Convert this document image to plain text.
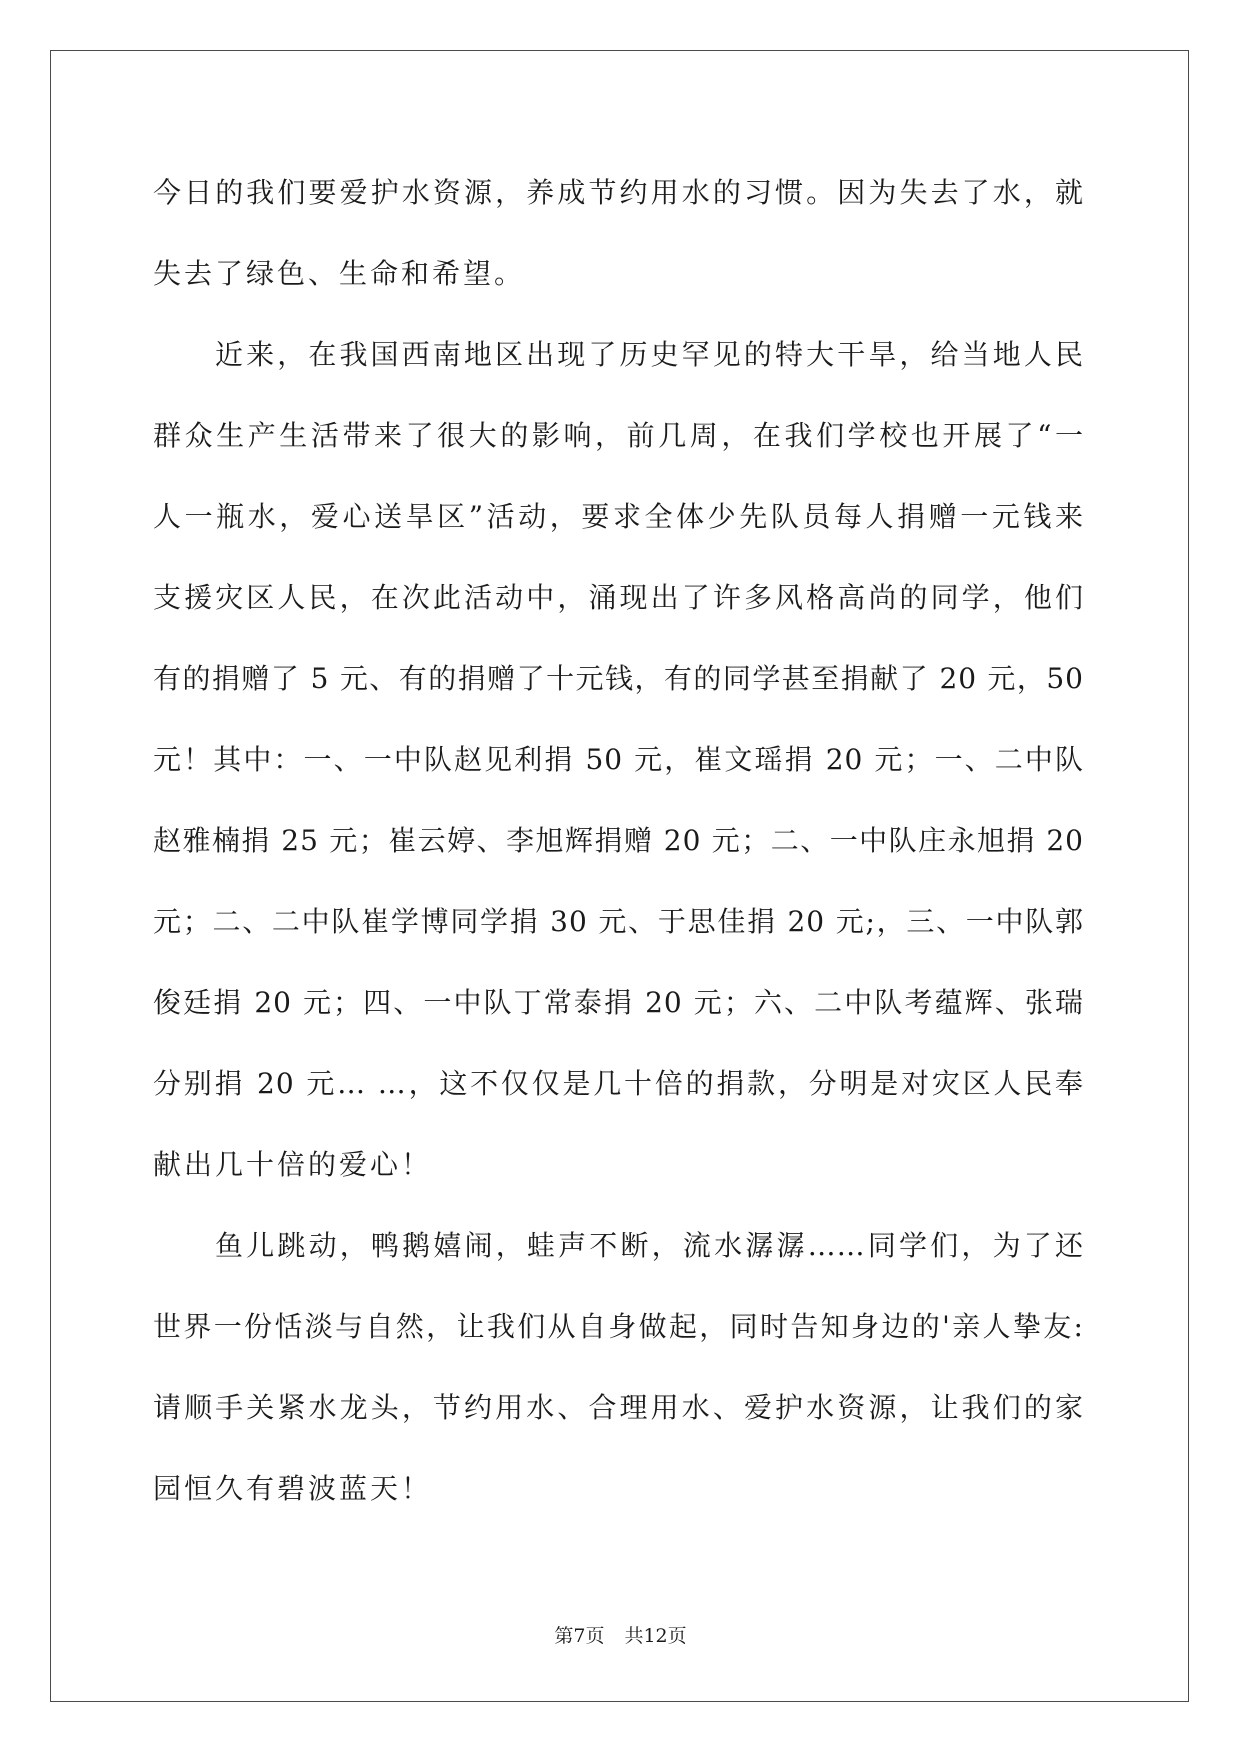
今日的我们要爱护水资源，养成节约用水的习惯。因为失去了水，就
失去了绿色、生命和希望。
近来，在我国西南地区出现了历史罕见的特大干旱，给当地人民
群众生产生活带来了很大的影响，前几周，在我们学校也开展了“一
人一瓶水，爱心送旱区”活动，要求全体少先队员每人捐赠一元钱来
支援灾区人民，在次此活动中，涌现出了许多风格高尚的同学，他们
有的捐赠了 5 元、有的捐赠了十元钱，有的同学甚至捐献了 20 元，50
元！其中：一、一中队赵见利捐 50 元，崔文瑶捐 20 元；一、二中队
赵雅楠捐 25 元；崔云婷、李旭辉捐赠 20 元；二、一中队庄永旭捐 20
元；二、二中队崔学博同学捐 30 元、于思佳捐 20 元;，三、一中队郭
俊廷捐 20 元；四、一中队丁常泰捐 20 元；六、二中队考蕴辉、张瑞
分别捐 20 元… …，这不仅仅是几十倍的捐款，分明是对灾区人民奉
献出几十倍的爱心！
鱼儿跳动，鸭鹅嬉闹，蛙声不断，流水潺潺……同学们，为了还
世界一份恬淡与自然，让我们从自身做起，同时告知身边的'亲人挚友:
请顺手关紧水龙头，节约用水、合理用水、爱护水资源，让我们的家
园恒久有碧波蓝天！
第7页 共12页
